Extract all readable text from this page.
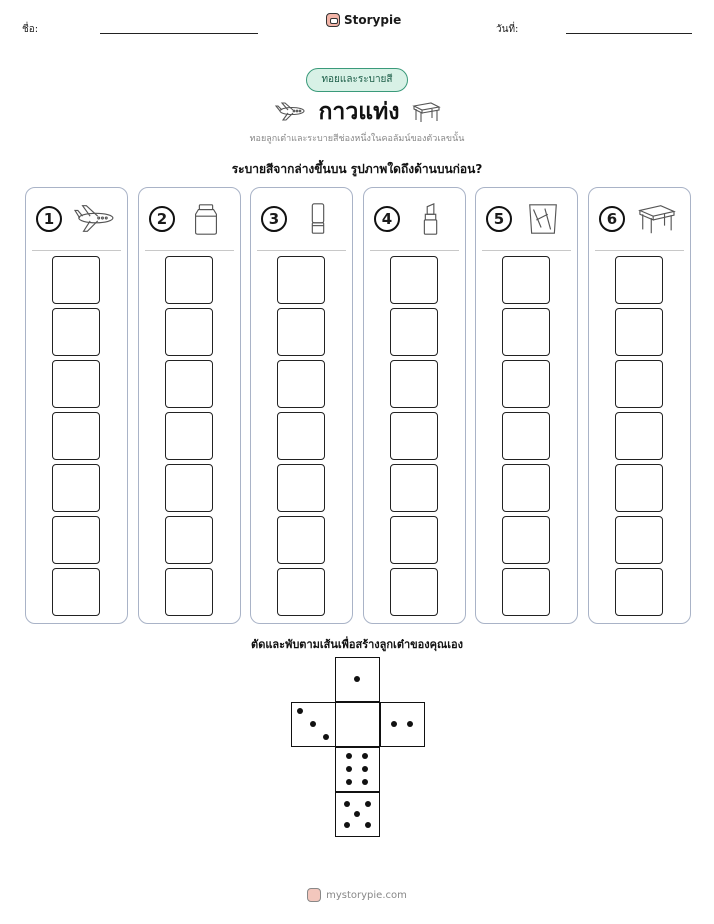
ชื่อ:
Storypie
วันที่:
ทอยและระบายสี
กาวแท่ง
ทอยลูกเต๋าและระบายสีช่องหนึ่งในคอลัมน์ของตัวเลขนั้น
ระบายสีจากล่างขึ้นบน รูปภาพใดถึงด้านบนก่อน?
1	2	3	4	5	6
ตัดและพับตามเส้นเพื่อสร้างลูกเต๋าของคุณเอง
mystorypie.com
